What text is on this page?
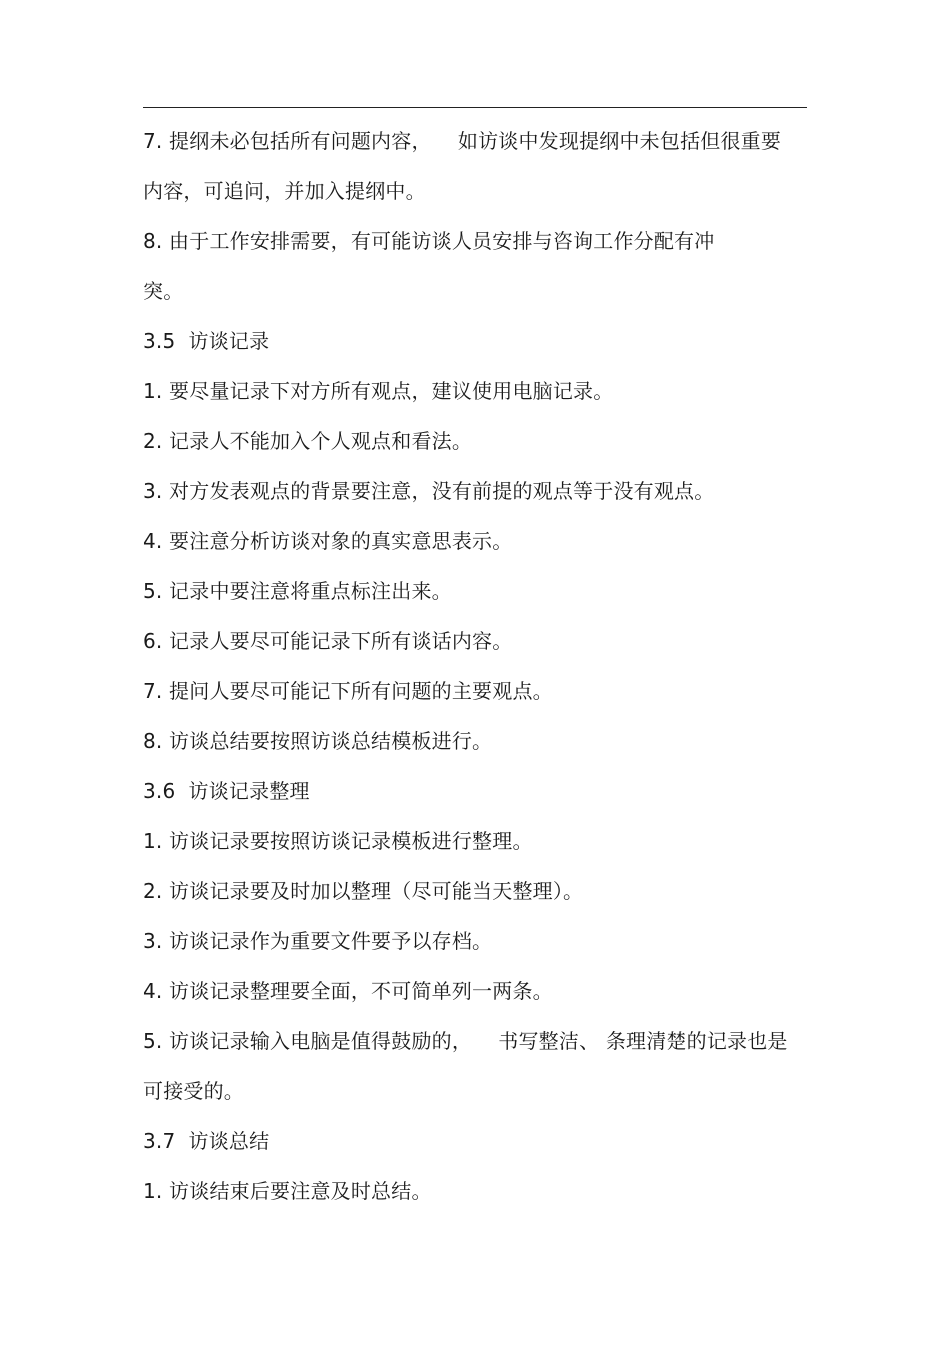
7. 提纲未必包括所有问题内容，    如访谈中发现提纲中未包括但很重要
内容，可追问，并加入提纲中。
8. 由于工作安排需要，有可能访谈人员安排与咨询工作分配有冲
突。
3.5  访谈记录
1. 要尽量记录下对方所有观点，建议使用电脑记录。
2. 记录人不能加入个人观点和看法。
3. 对方发表观点的背景要注意，没有前提的观点等于没有观点。
4. 要注意分析访谈对象的真实意思表示。
5. 记录中要注意将重点标注出来。
6. 记录人要尽可能记录下所有谈话内容。
7. 提问人要尽可能记下所有问题的主要观点。
8. 访谈总结要按照访谈总结模板进行。
3.6  访谈记录整理
1. 访谈记录要按照访谈记录模板进行整理。
2. 访谈记录要及时加以整理（尽可能当天整理）。
3. 访谈记录作为重要文件要予以存档。
4. 访谈记录整理要全面，不可简单列一两条。
5. 访谈记录输入电脑是值得鼓励的，    书写整洁、 条理清楚的记录也是
可接受的。
3.7  访谈总结
1. 访谈结束后要注意及时总结。
